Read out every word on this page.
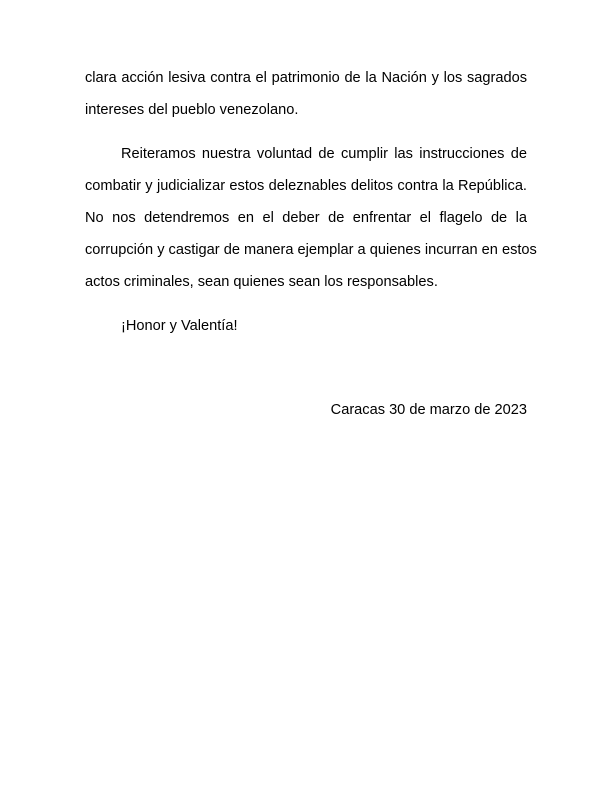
clara acción lesiva contra el patrimonio de la Nación y los sagrados
intereses del pueblo venezolano.
Reiteramos nuestra voluntad de cumplir las instrucciones de
combatir y judicializar estos deleznables delitos contra la República.
No nos detendremos en el deber de enfrentar el flagelo de la
corrupción y castigar de manera ejemplar a quienes incurran en estos
actos criminales, sean quienes sean los responsables.
¡Honor y Valentía!
Caracas 30 de marzo de 2023
